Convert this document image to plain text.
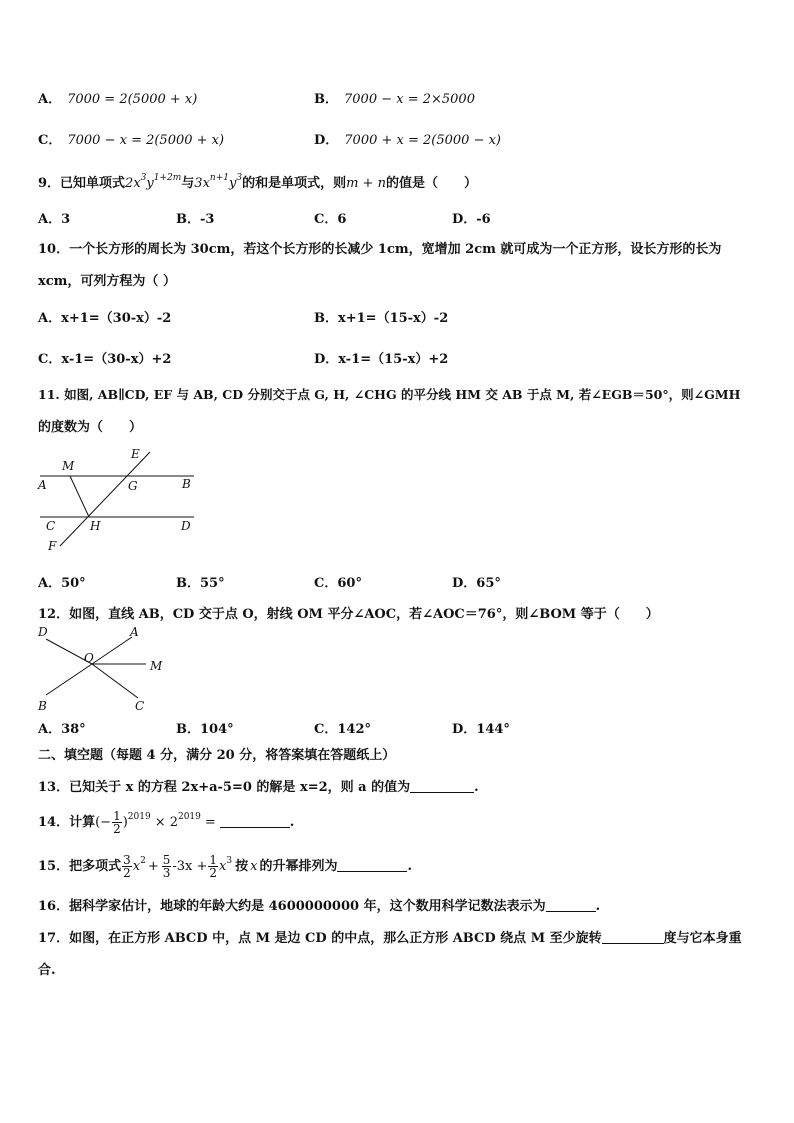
A． 7000 = 2(5000 + x)	B． 7000 − x = 2×5000
C． 7000 − x = 2(5000 + x)	D． 7000 + x = 2(5000 − x)
9．已知单项式$2x^3y^{1+2m}$与$3x^{n+1}y^3$的和是单项式，则m + n的值是（　　）
A．3	B．-3	C．6	D．-6
10．一个长方形的周长为 30cm，若这个长方形的长减少 1cm，宽增加 2cm 就可成为一个正方形，设长方形的长为
xcm，可列方程为（ ）
A．x+1=（30-x）-2	B．x+1=（15-x）-2
C．x-1=（30-x）+2	D．x-1=（15-x）+2
11. 如图, AB∥CD, EF 与 AB, CD 分别交于点 G, H, ∠CHG 的平分线 HM 交 AB 于点 M, 若∠EGB＝50°，则∠GMH
的度数为（　　）
M
E
A	G	B
C	H	D
F
A．50°	B．55°	C．60°	D．65°
12．如图，直线 AB，CD 交于点 O，射线 OM 平分∠AOC，若∠AOC＝76°，则∠BOM 等于（　　）
D	A
O
M
B	C
A．38°	B．104°	C．142°	D．144°
二、填空题（每题 4 分，满分 20 分，将答案填在答题纸上）
13．已知关于 x 的方程 2x+a-5=0 的解是 x=2，则 a 的值为	.
14．计算(− $\frac{1}{2} )^{2019} \times 2^{2019}$ =	.
15．把多项式 $\frac{3}{2} x^2 + \frac{5}{3} -3x + \frac{1}{2} x^3$ 按 x 的升幂排列为	.
16．据科学家估计，地球的年龄大约是 4600000000 年，这个数用科学记数法表示为	.
17．如图，在正方形 ABCD 中，点 M 是边 CD 的中点，那么正方形 ABCD 绕点 M 至少旋转	度与它本身重
合.
